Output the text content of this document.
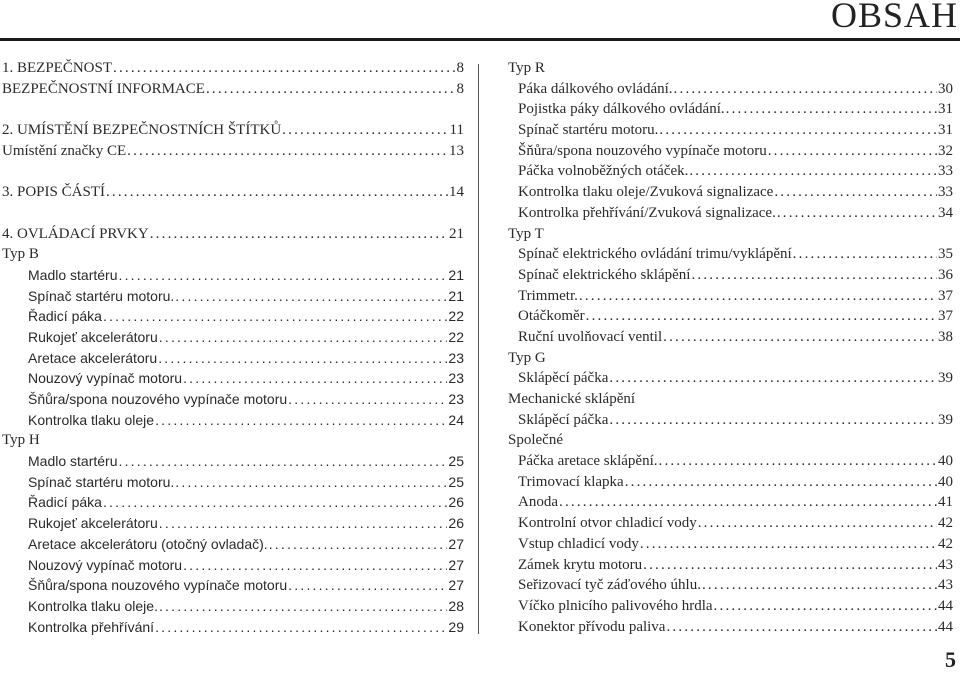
OBSAH
1. BEZPEČNOST .....	8
BEZPEČNOSTNÍ INFORMACE .....	8
2. UMÍSTĚNÍ BEZPEČNOSTNÍCH ŠTÍTKŮ .....	11
Umístění značky CE .....	13
3. POPIS ČÁSTÍ .....	14
4. OVLÁDACÍ PRVKY .....	21
Typ B
Madlo startéru .....	21
Spínač startéru motoru. .....	21
Řadicí páka .....	22
Rukojeť akcelerátoru .....	22
Aretace akcelerátoru .....	23
Nouzový vypínač motoru .....	23
Šňůra/spona nouzového vypínače motoru .....	23
Kontrolka tlaku oleje .....	24
Typ H
Madlo startéru .....	25
Spínač startéru motoru. .....	25
Řadicí páka .....	26
Rukojeť akcelerátoru .....	26
Aretace akcelerátoru (otočný ovladač). .....	27
Nouzový vypínač motoru .....	27
Šňůra/spona nouzového vypínače motoru .....	27
Kontrolka tlaku oleje. .....	28
Kontrolka přehřívání .....	29
Typ R
Páka dálkového ovládání. .....	30
Pojistka páky dálkového ovládání. .....	31
Spínač startéru motoru. .....	31
Šňůra/spona nouzového vypínače motoru .....	32
Páčka volnoběžných otáček. .....	33
Kontrolka tlaku oleje/Zvuková signalizace .....	33
Kontrolka přehřívání/Zvuková signalizace. .....	34
Typ T
Spínač elektrického ovládání trimu/vyklápění .....	35
Spínač elektrického sklápění .....	36
Trimmetr. .....	37
Otáčkoměr .....	37
Ruční uvolňovací ventil .....	38
Typ G
Sklápěcí páčka .....	39
Mechanické sklápění
Sklápěcí páčka .....	39
Společné
Páčka aretace sklápění. .....	40
Trimovací klapka .....	40
Anoda .....	41
Kontrolní otvor chladicí vody .....	42
Vstup chladicí vody .....	42
Zámek krytu motoru .....	43
Seřizovací tyč záďového úhlu. .....	43
Víčko plnicího palivového hrdla .....	44
Konektor přívodu paliva .....	44
5
